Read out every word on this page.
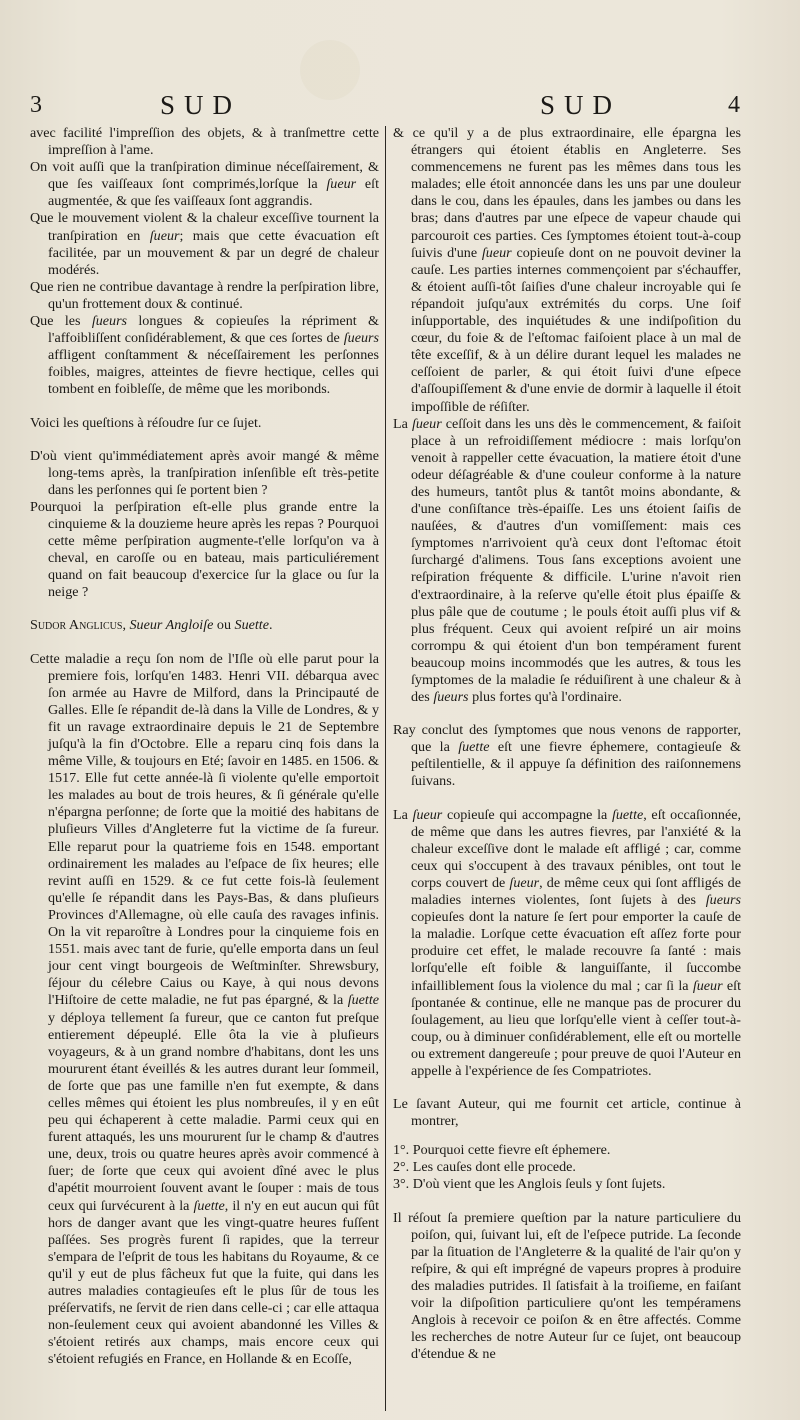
3	SUD	SUD	4

avec facilité l'impreſſion des objets, & à tranſmettre cette impreſſion à l'ame.

On voit auſſi que la tranſpiration diminue néceſſairement, & que ſes vaiſſeaux ſont comprimés,lorſque la ſueur eſt augmentée, & que ſes vaiſſeaux ſont aggrandis.

Que le mouvement violent & la chaleur exceſſive tournent la tranſpiration en ſueur; mais que cette évacuation eſt facilitée, par un mouvement & par un degré de chaleur modérés.

Que rien ne contribue davantage à rendre la perſpiration libre, qu'un frottement doux & continué.

Que les ſueurs longues & copieuſes la répriment & l'affoibliſſent conſidérablement, & que ces ſortes de ſueurs affligent conſtamment & néceſſairement les perſonnes foibles, maigres, atteintes de fievre hectique, celles qui tombent en foibleſſe, de même que les moribonds.

Voici les queſtions à réſoudre ſur ce ſujet.

D'où vient qu'immédiatement après avoir mangé & même long-tems après, la tranſpiration inſenſible eſt très-petite dans les perſonnes qui ſe portent bien ?

Pourquoi la perſpiration eſt-elle plus grande entre la cinquieme & la douzieme heure après les repas ? Pourquoi cette même perſpiration augmente-t'elle lorſqu'on va à cheval, en caroſſe ou en bateau, mais particuliérement quand on fait beaucoup d'exercice ſur la glace ou ſur la neige ?

Sudor Anglicus, Sueur Angloiſe ou Suette.

Cette maladie a reçu ſon nom de l'Iſle où elle parut pour la premiere fois, lorſqu'en 1483. Henri VII. débarqua avec ſon armée au Havre de Milford, dans la Principauté de Galles. Elle ſe répandit de-là dans la Ville de Londres, & y fit un ravage extraordinaire depuis le 21 de Septembre juſqu'à la fin d'Octobre. Elle a reparu cinq fois dans la même Ville, & toujours en Eté; ſavoir en 1485. en 1506. & 1517. Elle fut cette année-là ſi violente qu'elle emportoit les malades au bout de trois heures, & ſi générale qu'elle n'épargna perſonne; de ſorte que la moitié des habitans de pluſieurs Villes d'Angleterre fut la victime de ſa fureur. Elle reparut pour la quatrieme fois en 1548. emportant ordinairement les malades au l'eſpace de ſix heures; elle revint auſſi en 1529. & ce fut cette fois-là ſeulement qu'elle ſe répandit dans les Pays-Bas, & dans pluſieurs Provinces d'Allemagne, où elle cauſa des ravages infinis. On la vit reparoître à Londres pour la cinquieme fois en 1551. mais avec tant de furie, qu'elle emporta dans un ſeul jour cent vingt bourgeois de Weſtminſter. Shrewsbury, ſéjour du célebre Caius ou Kaye, à qui nous devons l'Hiſtoire de cette maladie, ne fut pas épargné, & la ſuette y déploya tellement ſa fureur, que ce canton fut preſque entierement dépeuplé. Elle ôta la vie à pluſieurs voyageurs, & à un grand nombre d'habitans, dont les uns moururent étant éveillés & les autres durant leur ſommeil, de ſorte que pas une famille n'en fut exempte, & dans celles mêmes qui étoient les plus nombreuſes, il y en eût peu qui échaperent à cette maladie. Parmi ceux qui en furent attaqués, les uns moururent ſur le champ & d'autres une, deux, trois ou quatre heures après avoir commencé à ſuer; de ſorte que ceux qui avoient dîné avec le plus d'apétit mourroient ſouvent avant le ſouper : mais de tous ceux qui ſurvécurent à la ſuette, il n'y en eut aucun qui fût hors de danger avant que les vingt-quatre heures fuſſent paſſées. Ses progrès furent ſi rapides, que la terreur s'empara de l'eſprit de tous les habitans du Royaume, & ce qu'il y eut de plus fâcheux fut que la fuite, qui dans les autres maladies contagieuſes eſt le plus ſûr de tous les préſervatifs, ne ſervit de rien dans celle-ci ; car elle attaqua non-ſeulement ceux qui avoient abandonné les Villes & s'étoient retirés aux champs, mais encore ceux qui s'étoient refugiés en France, en Hollande & en Ecoſſe,

& ce qu'il y a de plus extraordinaire, elle épargna les étrangers qui étoient établis en Angleterre. Ses commencemens ne furent pas les mêmes dans tous les malades; elle étoit annoncée dans les uns par une douleur dans le cou, dans les épaules, dans les jambes ou dans les bras; dans d'autres par une eſpece de vapeur chaude qui parcouroit ces parties. Ces ſymptomes étoient tout-à-coup ſuivis d'une ſueur copieuſe dont on ne pouvoit deviner la cauſe. Les parties internes commençoient par s'échauffer, & étoient auſſi-tôt ſaiſies d'une chaleur incroyable qui ſe répandoit juſqu'aux extrémités du corps. Une ſoif inſupportable, des inquiétudes & une indiſpoſition du cœur, du foie & de l'eſtomac faiſoient place à un mal de tête exceſſif, & à un délire durant lequel les malades ne ceſſoient de parler, & qui étoit ſuivi d'une eſpece d'aſſoupiſſement & d'une envie de dormir à laquelle il étoit impoſſible de réſiſter.

La ſueur ceſſoit dans les uns dès le commencement, & faiſoit place à un refroidiſſement médiocre : mais lorſqu'on venoit à rappeller cette évacuation, la matiere étoit d'une odeur déſagréable & d'une couleur conforme à la nature des humeurs, tantôt plus & tantôt moins abondante, & d'une conſiſtance très-épaiſſe. Les uns étoient ſaiſis de nauſées, & d'autres d'un vomiſſement: mais ces ſymptomes n'arrivoient qu'à ceux dont l'eſtomac étoit ſurchargé d'alimens. Tous ſans exceptions avoient une reſpiration fréquente & difficile. L'urine n'avoit rien d'extraordinaire, à la reſerve qu'elle étoit plus épaiſſe & plus pâle que de coutume ; le pouls étoit auſſi plus vif & plus fréquent. Ceux qui avoient reſpiré un air moins corrompu & qui étoient d'un bon tempérament furent beaucoup moins incommodés que les autres, & tous les ſymptomes de la maladie ſe réduiſirent à une chaleur & à des ſueurs plus fortes qu'à l'ordinaire.

Ray conclut des ſymptomes que nous venons de rapporter, que la ſuette eſt une fievre éphemere, contagieuſe & peſtilentielle, & il appuye ſa définition des raiſonnemens ſuivans.

La ſueur copieuſe qui accompagne la ſuette, eſt occaſionnée, de même que dans les autres fievres, par l'anxiété & la chaleur exceſſive dont le malade eſt affligé ; car, comme ceux qui s'occupent à des travaux pénibles, ont tout le corps couvert de ſueur, de même ceux qui ſont affligés de maladies internes violentes, ſont ſujets à des ſueurs copieuſes dont la nature ſe ſert pour emporter la cauſe de la maladie. Lorſque cette évacuation eſt aſſez forte pour produire cet effet, le malade recouvre ſa ſanté : mais lorſqu'elle eſt foible & languiſſante, il ſuccombe infailliblement ſous la violence du mal ; car ſi la ſueur eſt ſpontanée & continue, elle ne manque pas de procurer du ſoulagement, au lieu que lorſqu'elle vient à ceſſer tout-à-coup, ou à diminuer conſidérablement, elle eſt ou mortelle ou extrement dangereuſe ; pour preuve de quoi l'Auteur en appelle à l'expérience de ſes Compatriotes.

Le ſavant Auteur, qui me fournit cet article, continue à montrer,

1°. Pourquoi cette fievre eſt éphemere.

2°. Les cauſes dont elle procede.

3°. D'où vient que les Anglois ſeuls y ſont ſujets.

Il réſout ſa premiere queſtion par la nature particuliere du poiſon, qui, ſuivant lui, eſt de l'eſpece putride. La ſeconde par la ſituation de l'Angleterre & la qualité de l'air qu'on y reſpire, & qui eſt imprégné de vapeurs propres à produire des maladies putrides. Il ſatisfait à la troiſieme, en faiſant voir la diſpoſition particuliere qu'ont les tempéramens Anglois à recevoir ce poiſon & en être affectés. Comme les recherches de notre Auteur ſur ce ſujet, ont beaucoup d'étendue & ne
